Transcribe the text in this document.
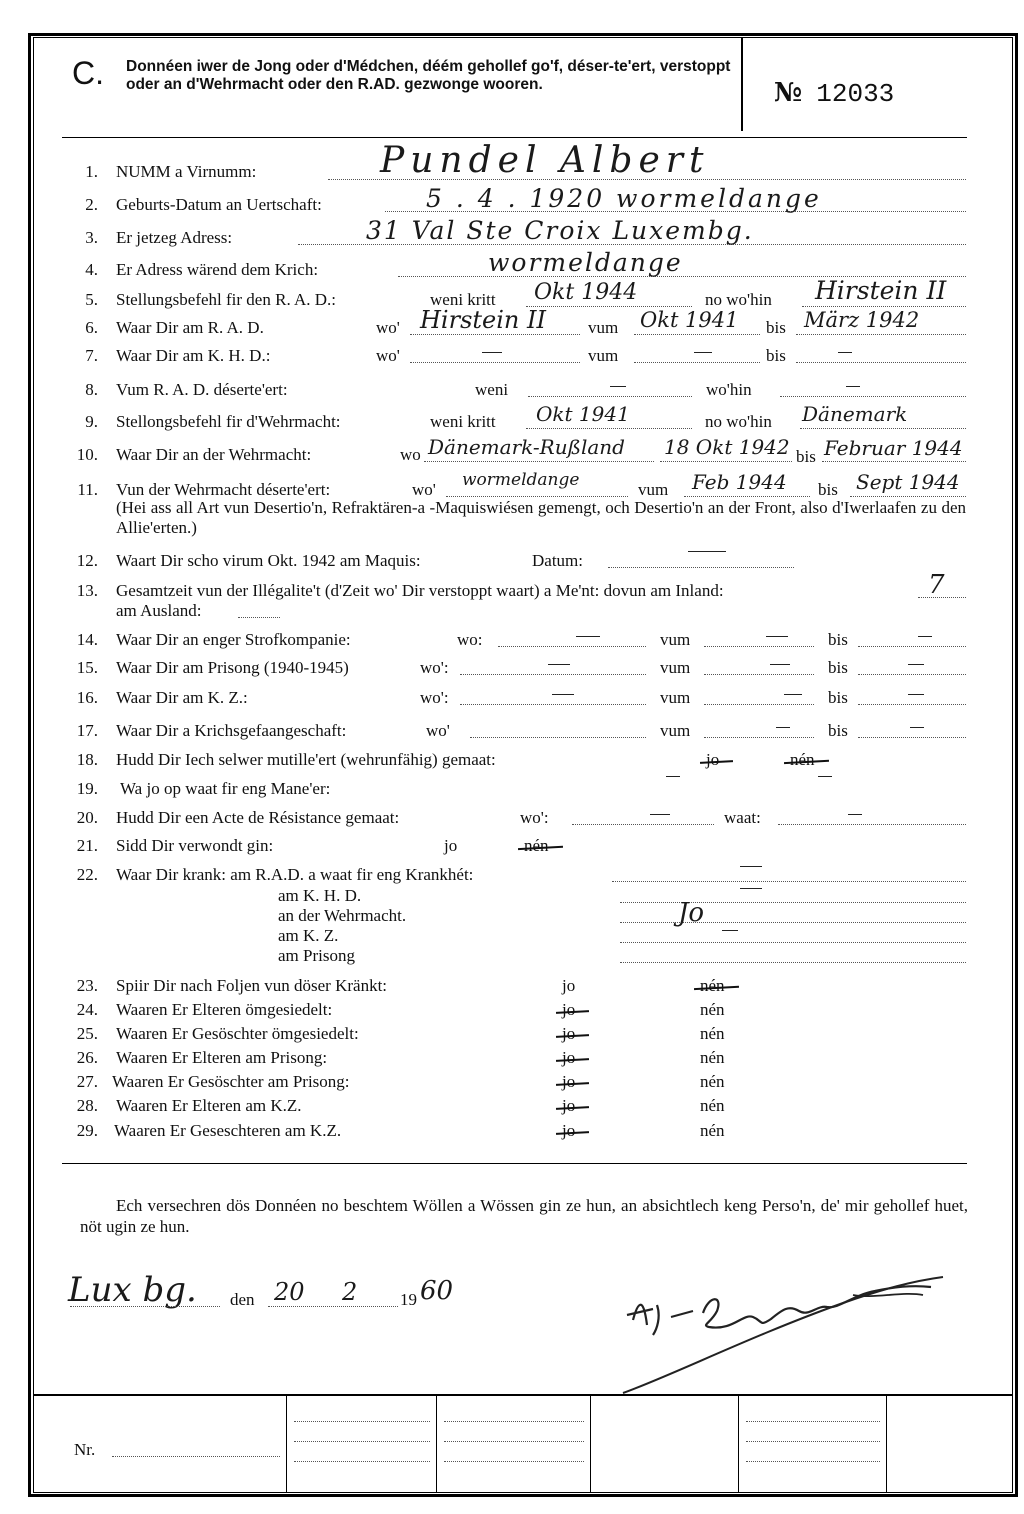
C. Donnéen iwer de Jong oder d'Médchen, déém gehollef go'f, déser-te'ert, verstoppt oder an d'Wehrmacht oder den R.AD. gezwonge wooren.	№ 12033
1. NUMM a Virnumm:	Pundel Albert
2. Geburts-Datum an Uertschaft:	5 . 4 . 1920 wormeldange
3. Er jetzeg Adress:	31 Val Ste Croix Luxembg.
4. Er Adress wärend dem Krich:	wormeldange
5. Stellungsbefehl fir den R. A. D.:	weni kritt Okt 1944	no wo'hin Hirstein II
6. Waar Dir am R. A. D.	wo' Hirstein II vum Okt 1941 bis März 1942
7. Waar Dir am K. H. D.:	wo'	vum	bis
8. Vum R. A. D. déserte'ert:	weni	wo'hin
9. Stellongsbefehl fir d'Wehrmacht:	weni kritt Okt 1941	no wo'hin Dänemark
10. Waar Dir an der Wehrmacht:	wo Dänemark-Rußland 18 Okt 1942 bis Februar 1944
11. Vun der Wehrmacht déserte'ert:	wo' wormeldange	vum Feb 1944 bis Sept 1944
(Hei ass all Art vun Desertio'n, Refraktären-a -Maquiswiésen gemengt, och Desertio'n an der Front, also d'Iwerlaafen zu den Allie'erten.)
12. Waart Dir scho virum Okt. 1942 am Maquis:	Datum:
13. Gesamtzeit vun der Illégalite't (d'Zeit wo' Dir verstoppt waart) a Me'nt: dovun am Inland:	7
am Ausland:
14. Waar Dir an enger Strofkompanie:	wo:	vum	bis
15. Waar Dir am Prisong (1940-1945)	wo':	vum	bis
16. Waar Dir am K. Z.:	wo':	vum	bis
17. Waar Dir a Krichsgefaangeschaft:	wo'	vum	bis
18. Hudd Dir Iech selwer mutille'ert (wehrunfähig) gemaat:	jo	nén
19. Wa jo op waat fir eng Mane'er:
20. Hudd Dir een Acte de Résistance gemaat:	wo':	waat:
21. Sidd Dir verwondt gin:	jo	nén
22. Waar Dir krank: am R.A.D. a waat fir eng Krankhét:
am K. H. D.
an der Wehrmacht.	Jo
am K. Z.
am Prisong
23. Spiir Dir nach Foljen vun döser Kränkt:	jo	nén
24. Waaren Er Elteren ömgesiedelt:	jo	nén
25. Waaren Er Gesöschter ömgesiedelt:	jo	nén
26. Waaren Er Elteren am Prisong:	jo	nén
27. Waaren Er Gesöschter am Prisong:	jo	nén
28. Waaren Er Elteren am K.Z.	jo	nén
29. Waaren Er Geseschteren am K.Z.	jo	nén
Ech versechren dös Donnéen no beschtem Wöllen a Wössen gin ze hun, an absichtlech keng Perso'n, de' mir gehollef huet, nöt ugin ze hun.
Lux bg. den 20 2	19 60
Nr.
